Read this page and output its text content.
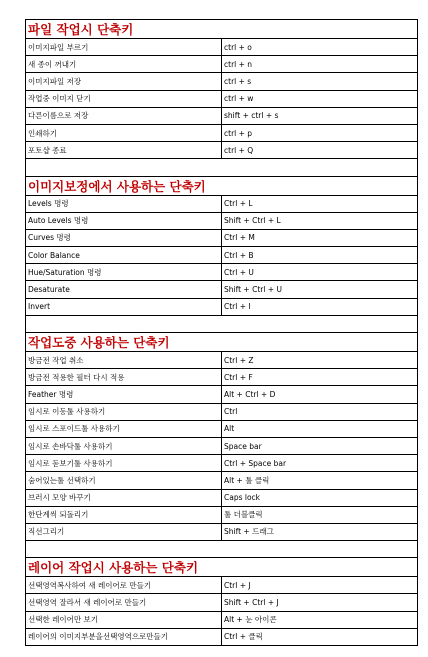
파일 작업시 단축키	
이미지파일 부르기	ctrl + o
새 종이 꺼내기	ctrl + n
이미지파일 저장	ctrl + s
작업중 이미지 닫기	ctrl + w
다른이름으로 저장	shift + ctrl + s
인쇄하기	ctrl + p
포토샵 종료	ctrl + Q

이미지보정에서 사용하는 단축키	
Levels 명령	Ctrl + L
Auto Levels 명령	Shift + Ctrl + L
Curves 명령	Ctrl + M
Color Balance	Ctrl + B
Hue/Saturation 명령	Ctrl + U
Desaturate	Shift + Ctrl + U
Invert	Ctrl + I

작업도중 사용하는 단축키	
방금전 작업 취소	Ctrl + Z
방금전 적용한 필터 다시 적용	Ctrl + F
Feather 명령	Alt + Ctrl + D
임시로 이동툴 사용하기	Ctrl
임시로 스포이드툴 사용하기	Alt
임시로 손바닥툴 사용하기	Space bar
임시로 돋보기툴 사용하기	Ctrl + Space bar
숨어있는툴 선택하기	Alt + 툴 클릭
브러시 모양 바꾸기	Caps lock
한단계씩 되돌리기	툴 더블클릭
직선그리기	Shift + 드래그

레이어 작업시 사용하는 단축키	
선택영역복사하여 새 레이어로 만들기	Ctrl + J
선택영역 잘라서 새 레이어로 만들기	Shift + Ctrl + J
선택한 레이어만 보기	Alt + 눈 아이콘
레이어의 이미지부분을선택영역으로만들기	Ctrl + 클릭
